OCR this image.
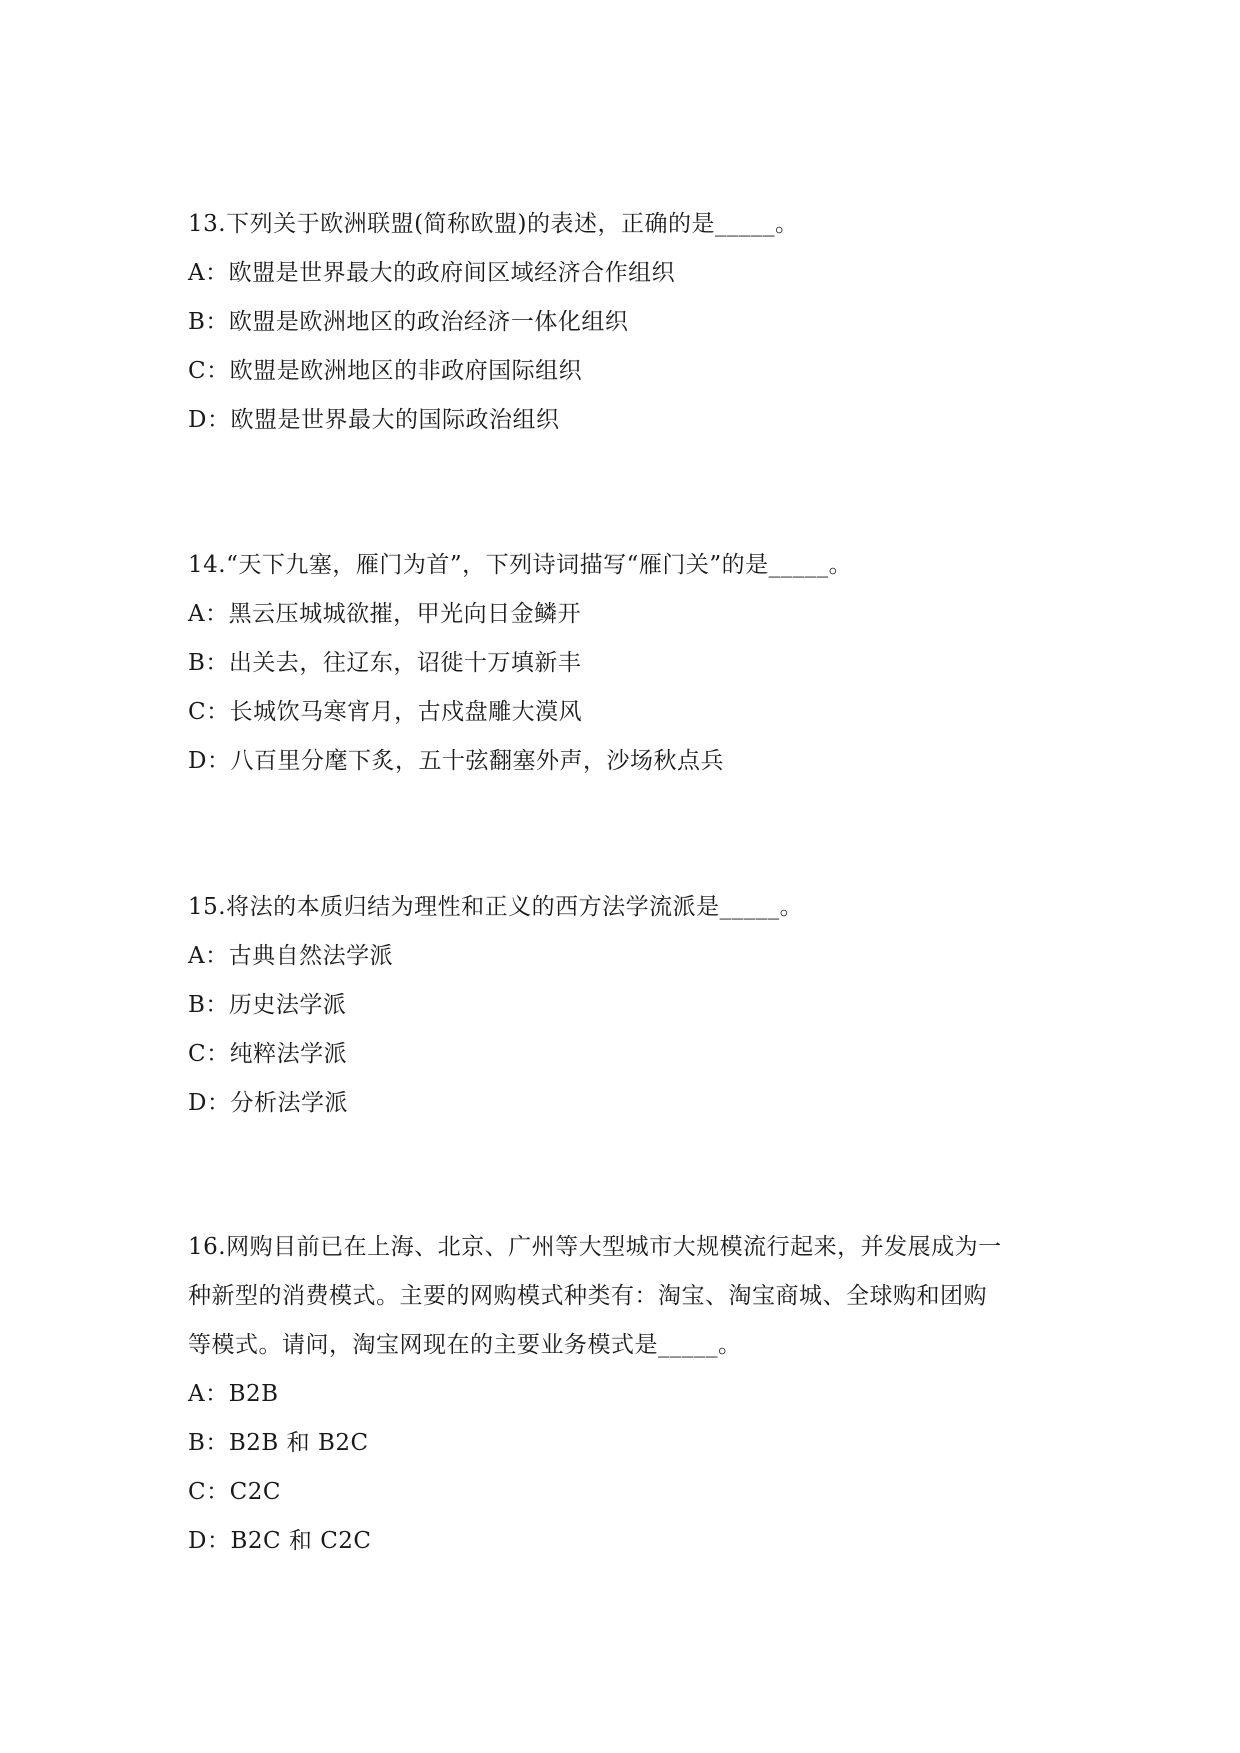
13.下列关于欧洲联盟(简称欧盟)的表述，正确的是_____。

A：欧盟是世界最大的政府间区域经济合作组织

B：欧盟是欧洲地区的政治经济一体化组织

C：欧盟是欧洲地区的非政府国际组织

D：欧盟是世界最大的国际政治组织

14.“天下九塞，雁门为首”，下列诗词描写“雁门关”的是_____。

A：黑云压城城欲摧，甲光向日金鳞开

B：出关去，往辽东，诏徙十万填新丰

C：长城饮马寒宵月，古戍盘雕大漠风

D：八百里分麾下炙，五十弦翻塞外声，沙场秋点兵

15.将法的本质归结为理性和正义的西方法学流派是_____。

A：古典自然法学派

B：历史法学派

C：纯粹法学派

D：分析法学派

16.网购目前已在上海、北京、广州等大型城市大规模流行起来，并发展成为一
种新型的消费模式。主要的网购模式种类有：淘宝、淘宝商城、全球购和团购
等模式。请问，淘宝网现在的主要业务模式是_____。

A：B2B

B：B2B 和 B2C

C：C2C

D：B2C 和 C2C
